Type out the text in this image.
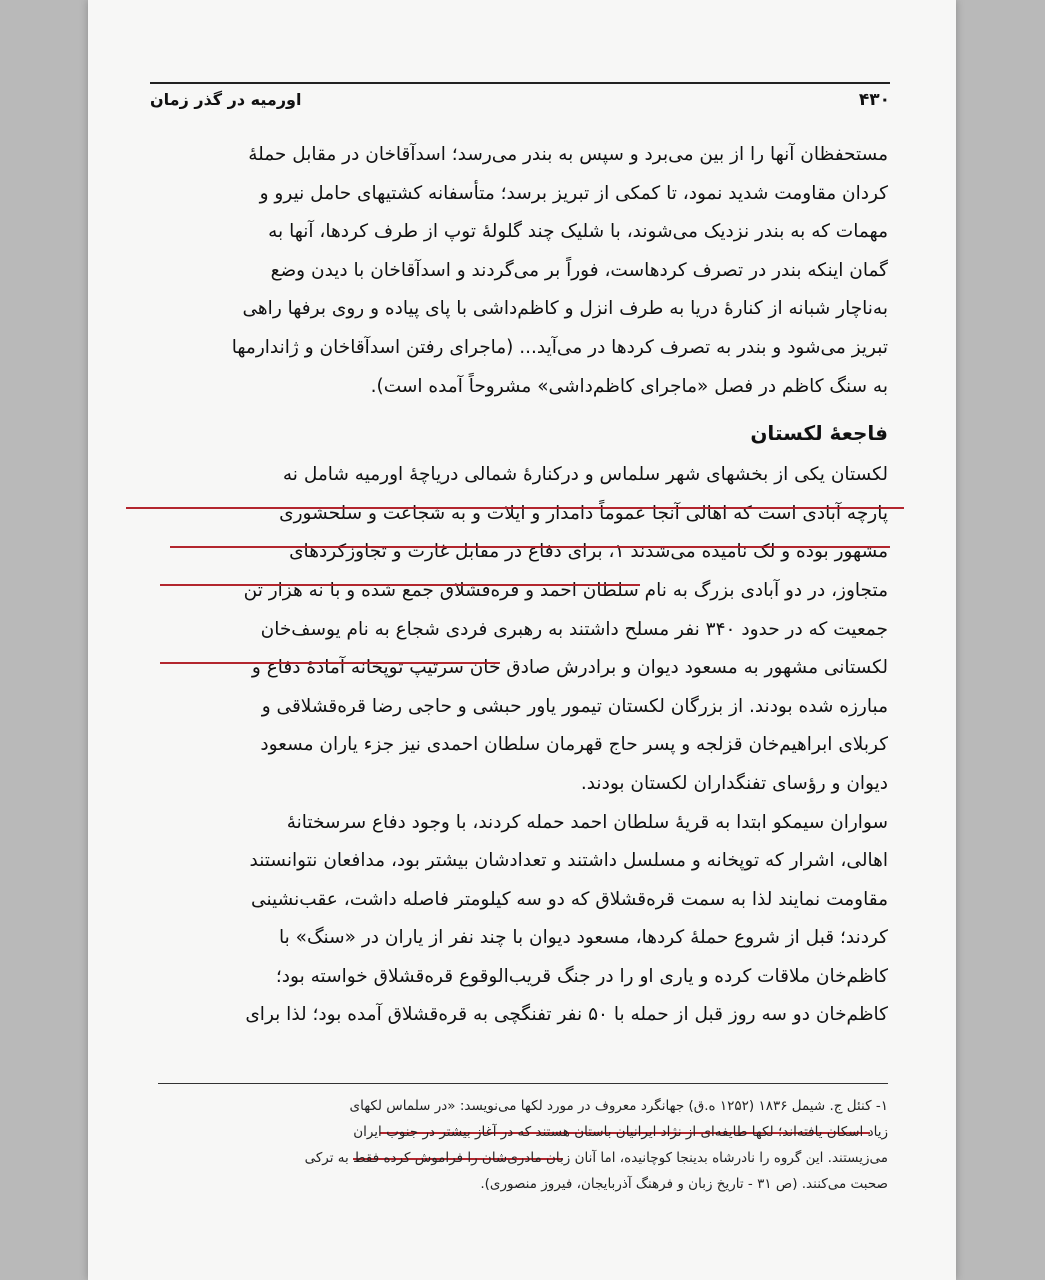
۴۳۰
اورمیه در گذر زمان
مستحفظان آنها را از بین می‌برد و سپس به بندر می‌رسد؛ اسدآقاخان در مقابل حملهٔ
کردان مقاومت شدید نمود، تا کمکی از تبریز برسد؛ متأسفانه کشتیهای حامل نیرو و
مهمات که به بندر نزدیک می‌شوند، با شلیک چند گلولهٔ توپ از طرف کردها، آنها به
گمان اینکه بندر در تصرف کردهاست، فوراً بر می‌گردند و اسدآقاخان با دیدن وضع
به‌ناچار شبانه از کنارهٔ دریا به طرف انزل و کاظم‌داشی با پای پیاده و روی برفها راهی
تبریز می‌شود و بندر به تصرف کردها در می‌آید... (ماجرای رفتن اسدآقاخان و ژاندارمها
به سنگ کاظم در فصل «ماجرای کاظم‌داشی» مشروحاً آمده است).
فاجعهٔ لکستان
لکستان یکی از بخشهای شهر سلماس و درکنارهٔ شمالی دریاچهٔ اورمیه شامل نه
پارچه آبادی است که اهالی آنجا عموماً دامدار و ایلات و به شجاعت و سلحشوری
مشهور بوده و لک نامیده می‌شدند ۱، برای دفاع در مقابل غارت و تجاوزکردهای
متجاوز، در دو آبادی بزرگ به نام سلطان احمد و قره‌قشلاق جمع شده و با نه هزار تن
جمعیت که در حدود ۳۴۰ نفر مسلح داشتند به رهبری فردی شجاع به نام یوسف‌خان
لکستانی مشهور به مسعود دیوان و برادرش صادق خان سرتیپ توپخانه آمادهٔ دفاع و
مبارزه شده بودند. از بزرگان لکستان تیمور یاور حبشی و حاجی رضا قره‌قشلاقی و
کربلای ابراهیم‌خان قزلجه و پسر حاج قهرمان سلطان احمدی نیز جزء یاران مسعود
دیوان و رؤسای تفنگداران لکستان بودند.
سواران سیمکو ابتدا به قریهٔ سلطان احمد حمله کردند، با وجود دفاع سرسختانهٔ
اهالی، اشرار که توپخانه و مسلسل داشتند و تعدادشان بیشتر بود، مدافعان نتوانستند
مقاومت نمایند لذا به سمت قره‌قشلاق که دو سه کیلومتر فاصله داشت، عقب‌نشینی
کردند؛ قبل از شروع حملهٔ کردها، مسعود دیوان با چند نفر از یاران در «سنگ» با
کاظم‌خان ملاقات کرده و یاری او را در جنگ قریب‌الوقوع قره‌قشلاق خواسته بود؛
کاظم‌خان دو سه روز قبل از حمله با ۵۰ نفر تفنگچی به قره‌قشلاق آمده بود؛ لذا برای
۱- کنئل ج. شیمل ۱۸۳۶ (۱۲۵۲ ه.ق) جهانگرد معروف در مورد لکها می‌نویسد: «در سلماس لکهای
زیاد اسکان یافته‌اند؛ لکها طایفه‌ای از نژاد ایرانیان باستان هستند که در آغاز بیشتر در جنوب ایران
می‌زیستند. این گروه را نادرشاه بدینجا کوچانیده، اما آنان زبان مادری‌شان را فراموش کرده فقط به ترکی
صحبت می‌کنند. (ص ۳۱ - تاریخ زبان و فرهنگ آذربایجان، فیروز منصوری).
